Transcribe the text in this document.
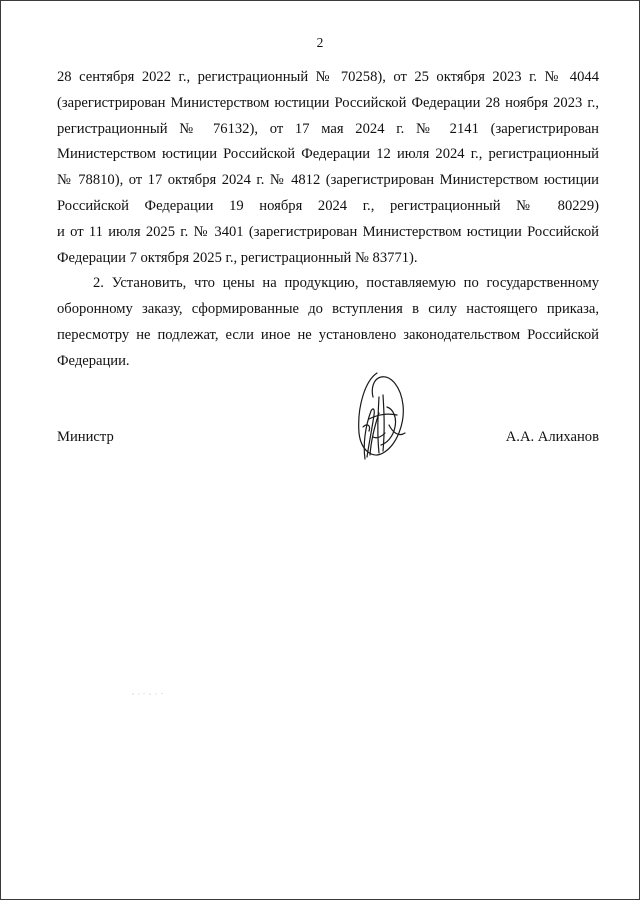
2
28 сентября 2022 г., регистрационный № 70258), от 25 октября 2023 г. № 4044
(зарегистрирован Министерством юстиции Российской Федерации 28 ноября 2023 г.,
регистрационный № 76132), от 17 мая 2024 г. № 2141 (зарегистрирован
Министерством юстиции Российской Федерации 12 июля 2024 г., регистрационный
№ 78810), от 17 октября 2024 г. № 4812 (зарегистрирован Министерством юстиции
Российской Федерации 19 ноября 2024 г., регистрационный № 80229)
и от 11 июля 2025 г. № 3401 (зарегистрирован Министерством юстиции Российской
Федерации 7 октября 2025 г., регистрационный № 83771).
2. Установить, что цены на продукцию, поставляемую по государственному
оборонному заказу, сформированные до вступления в силу настоящего приказа,
пересмотру не подлежат, если иное не установлено законодательством Российской
Федерации.
Министр	А.А. Алиханов
